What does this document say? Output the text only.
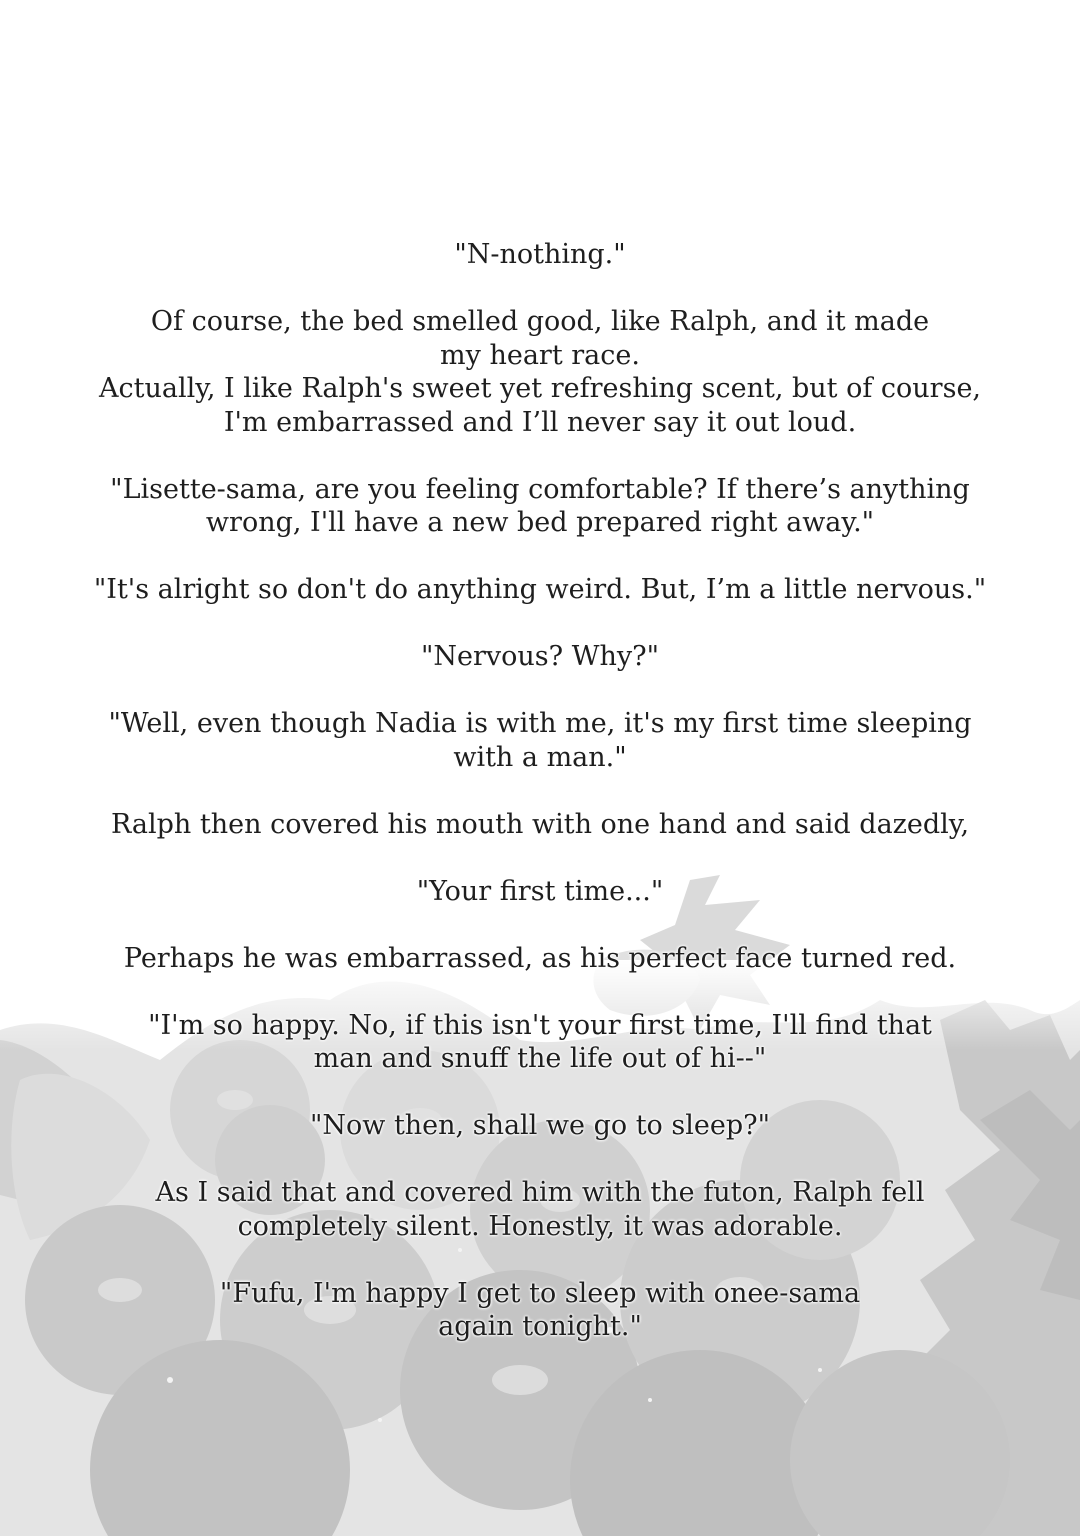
"N-nothing."
Of course, the bed smelled good, like Ralph, and it made
my heart race.
Actually, I like Ralph's sweet yet refreshing scent, but of course,
I'm embarrassed and I’ll never say it out loud.
"Lisette-sama, are you feeling comfortable? If there’s anything
wrong, I'll have a new bed prepared right away."
"It's alright so don't do anything weird. But, I’m a little nervous."
"Nervous? Why?"
"Well, even though Nadia is with me, it's my first time sleeping
with a man."
Ralph then covered his mouth with one hand and said dazedly,
"Your first time..."
Perhaps he was embarrassed, as his perfect face turned red.
"I'm so happy. No, if this isn't your first time, I'll find that
man and snuff the life out of hi--"
"Now then, shall we go to sleep?"
As I said that and covered him with the futon, Ralph fell
completely silent. Honestly, it was adorable.
"Fufu, I'm happy I get to sleep with onee-sama
again tonight."
